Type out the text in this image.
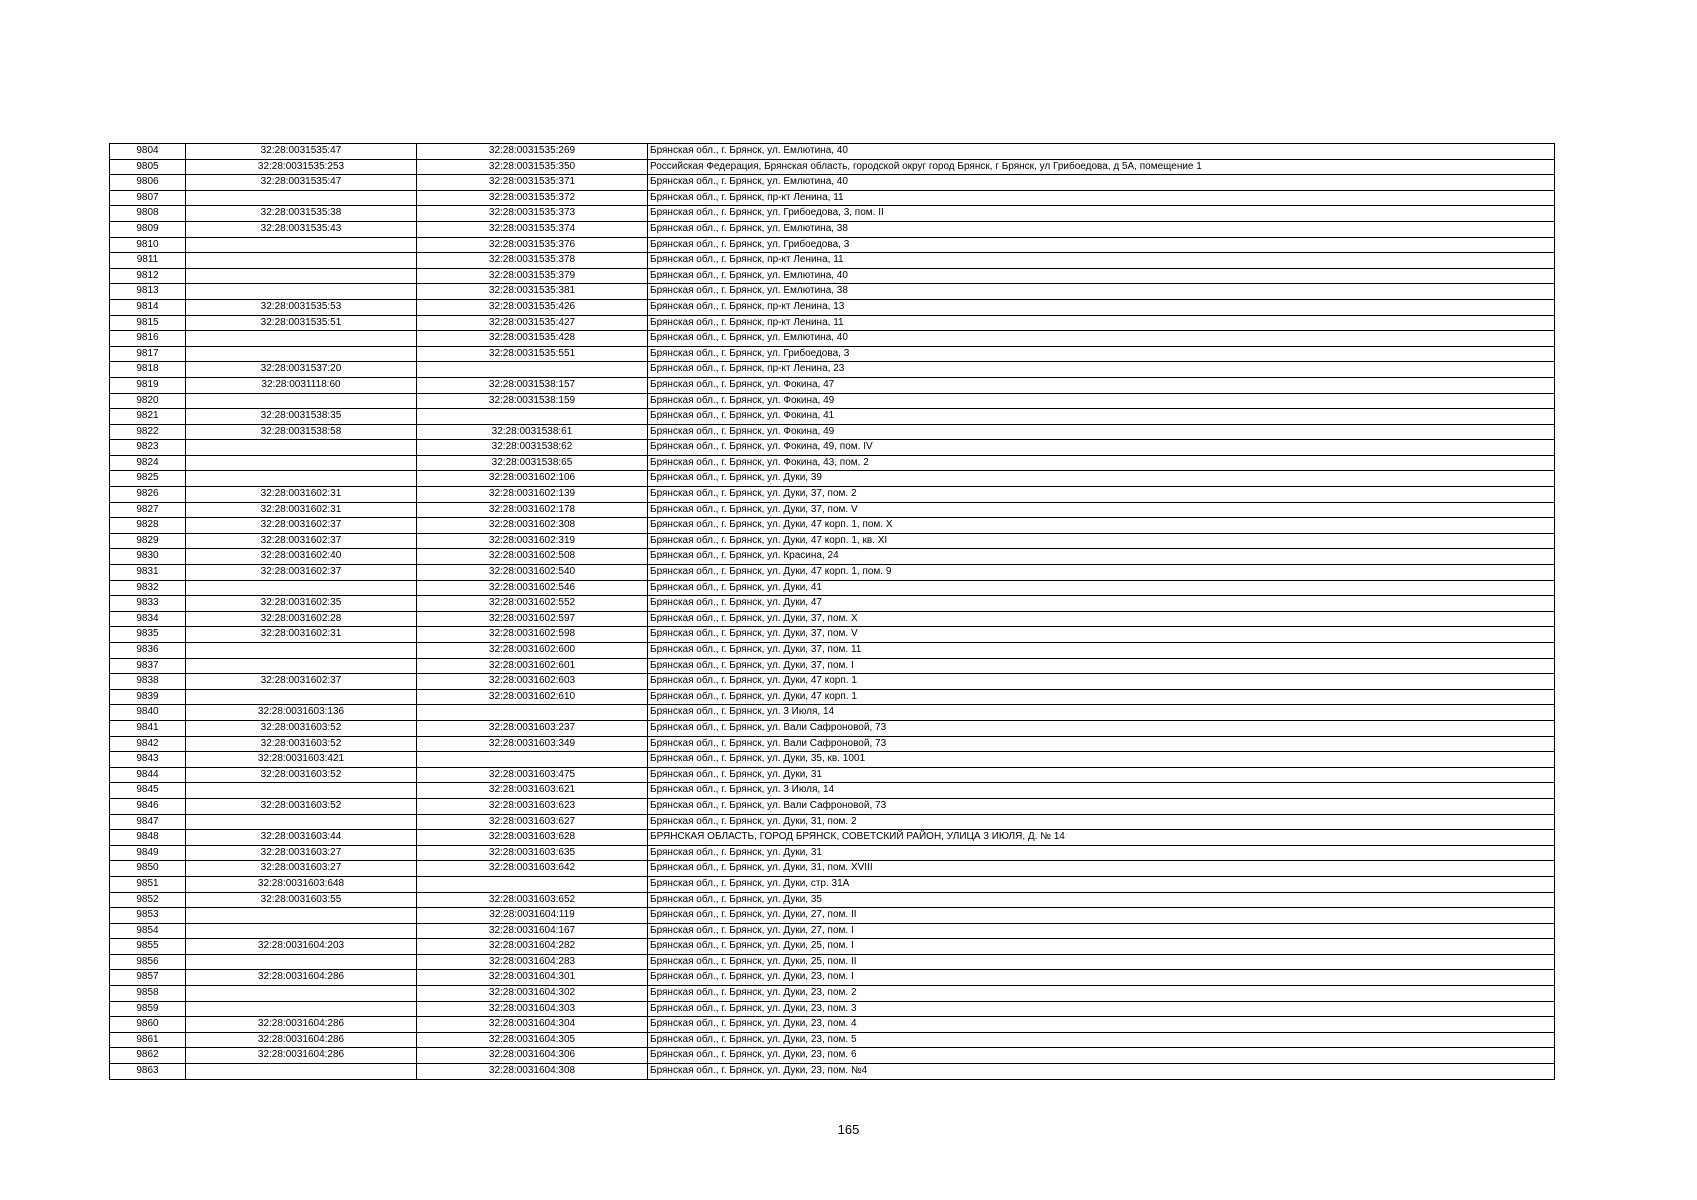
9804	32:28:0031535:47	32:28:0031535:269	Брянская обл., г. Брянск, ул. Емлютина, 40
9805	32:28:0031535:253	32:28:0031535:350	Российская Федерация, Брянская область, городской округ город Брянск, г Брянск, ул Грибоедова, д 5А, помещение 1
9806	32:28:0031535:47	32:28:0031535:371	Брянская обл., г. Брянск, ул. Емлютина, 40
9807		32:28:0031535:372	Брянская обл., г. Брянск, пр-кт Ленина, 11
9808	32:28:0031535:38	32:28:0031535:373	Брянская обл., г. Брянск, ул. Грибоедова, 3, пом. II
9809	32:28:0031535:43	32:28:0031535:374	Брянская обл., г. Брянск, ул. Емлютина, 38
9810		32:28:0031535:376	Брянская обл., г. Брянск, ул. Грибоедова, 3
9811		32:28:0031535:378	Брянская обл., г. Брянск, пр-кт Ленина, 11
9812		32:28:0031535:379	Брянская обл., г. Брянск, ул. Емлютина, 40
9813		32:28:0031535:381	Брянская обл., г. Брянск, ул. Емлютина, 38
9814	32:28:0031535:53	32:28:0031535:426	Брянская обл., г. Брянск, пр-кт Ленина, 13
9815	32:28:0031535:51	32:28:0031535:427	Брянская обл., г. Брянск, пр-кт Ленина, 11
9816		32:28:0031535:428	Брянская обл., г. Брянск, ул. Емлютина, 40
9817		32:28:0031535:551	Брянская обл., г. Брянск, ул. Грибоедова, 3
9818	32:28:0031537:20		Брянская обл., г. Брянск, пр-кт Ленина, 23
9819	32:28:0031118:60	32:28:0031538:157	Брянская обл., г. Брянск, ул. Фокина, 47
9820		32:28:0031538:159	Брянская обл., г. Брянск, ул. Фокина, 49
9821	32:28:0031538:35		Брянская обл., г. Брянск, ул. Фокина, 41
9822	32:28:0031538:58	32:28:0031538:61	Брянская обл., г. Брянск, ул. Фокина, 49
9823		32:28:0031538:62	Брянская обл., г. Брянск, ул. Фокина, 49, пом. IV
9824		32:28:0031538:65	Брянская обл., г. Брянск, ул. Фокина, 43, пом. 2
9825		32:28:0031602:106	Брянская обл., г. Брянск, ул. Дуки, 39
9826	32:28:0031602:31	32:28:0031602:139	Брянская обл., г. Брянск, ул. Дуки, 37, пом. 2
9827	32:28:0031602:31	32:28:0031602:178	Брянская обл., г. Брянск, ул. Дуки, 37, пом. V
9828	32:28:0031602:37	32:28:0031602:308	Брянская обл., г. Брянск, ул. Дуки, 47 корп. 1, пом. X
9829	32:28:0031602:37	32:28:0031602:319	Брянская обл., г. Брянск, ул. Дуки, 47 корп. 1, кв. XI
9830	32:28:0031602:40	32:28:0031602:508	Брянская обл., г. Брянск, ул. Красина, 24
9831	32:28:0031602:37	32:28:0031602:540	Брянская обл., г. Брянск, ул. Дуки, 47 корп. 1, пом. 9
9832		32:28:0031602:546	Брянская обл., г. Брянск, ул. Дуки, 41
9833	32:28:0031602:35	32:28:0031602:552	Брянская обл., г. Брянск, ул. Дуки, 47
9834	32:28:0031602:28	32:28:0031602:597	Брянская обл., г. Брянск, ул. Дуки, 37, пом. X
9835	32:28:0031602:31	32:28:0031602:598	Брянская обл., г. Брянск, ул. Дуки, 37, пом. V
9836		32:28:0031602:600	Брянская обл., г. Брянск, ул. Дуки, 37, пом. 11
9837		32:28:0031602:601	Брянская обл., г. Брянск, ул. Дуки, 37, пом. I
9838	32:28:0031602:37	32:28:0031602:603	Брянская обл., г. Брянск, ул. Дуки, 47 корп. 1
9839		32:28:0031602:610	Брянская обл., г. Брянск, ул. Дуки, 47 корп. 1
9840	32:28:0031603:136		Брянская обл., г. Брянск, ул. 3 Июля, 14
9841	32:28:0031603:52	32:28:0031603:237	Брянская обл., г. Брянск, ул. Вали Сафроновой, 73
9842	32:28:0031603:52	32:28:0031603:349	Брянская обл., г. Брянск, ул. Вали Сафроновой, 73
9843	32:28:0031603:421		Брянская обл., г. Брянск, ул. Дуки, 35, кв. 1001
9844	32:28:0031603:52	32:28:0031603:475	Брянская обл., г. Брянск, ул. Дуки, 31
9845		32:28:0031603:621	Брянская обл., г. Брянск, ул. 3 Июля, 14
9846	32:28:0031603:52	32:28:0031603:623	Брянская обл., г. Брянск, ул. Вали Сафроновой, 73
9847		32:28:0031603:627	Брянская обл., г. Брянск, ул. Дуки, 31, пом. 2
9848	32:28:0031603:44	32:28:0031603:628	БРЯНСКАЯ ОБЛАСТЬ, ГОРОД БРЯНСК, СОВЕТСКИЙ РАЙОН, УЛИЦА 3 ИЮЛЯ, Д. № 14
9849	32:28:0031603:27	32:28:0031603:635	Брянская обл., г. Брянск, ул. Дуки, 31
9850	32:28:0031603:27	32:28:0031603:642	Брянская обл., г. Брянск, ул. Дуки, 31, пом. XVIII
9851	32:28:0031603:648		Брянская обл., г. Брянск, ул. Дуки, стр. 31А
9852	32:28:0031603:55	32:28:0031603:652	Брянская обл., г. Брянск, ул. Дуки, 35
9853		32:28:0031604:119	Брянская обл., г. Брянск, ул. Дуки, 27, пом. II
9854		32:28:0031604:167	Брянская обл., г. Брянск, ул. Дуки, 27, пом. I
9855	32:28:0031604:203	32:28:0031604:282	Брянская обл., г. Брянск, ул. Дуки, 25, пом. I
9856		32:28:0031604:283	Брянская обл., г. Брянск, ул. Дуки, 25, пом. II
9857	32:28:0031604:286	32:28:0031604:301	Брянская обл., г. Брянск, ул. Дуки, 23, пом. I
9858		32:28:0031604:302	Брянская обл., г. Брянск, ул. Дуки, 23, пом. 2
9859		32:28:0031604:303	Брянская обл., г. Брянск, ул. Дуки, 23, пом. 3
9860	32:28:0031604:286	32:28:0031604:304	Брянская обл., г. Брянск, ул. Дуки, 23, пом. 4
9861	32:28:0031604:286	32:28:0031604:305	Брянская обл., г. Брянск, ул. Дуки, 23, пом. 5
9862	32:28:0031604:286	32:28:0031604:306	Брянская обл., г. Брянск, ул. Дуки, 23, пом. 6
9863		32:28:0031604:308	Брянская обл., г. Брянск, ул. Дуки, 23, пом. №4
165
